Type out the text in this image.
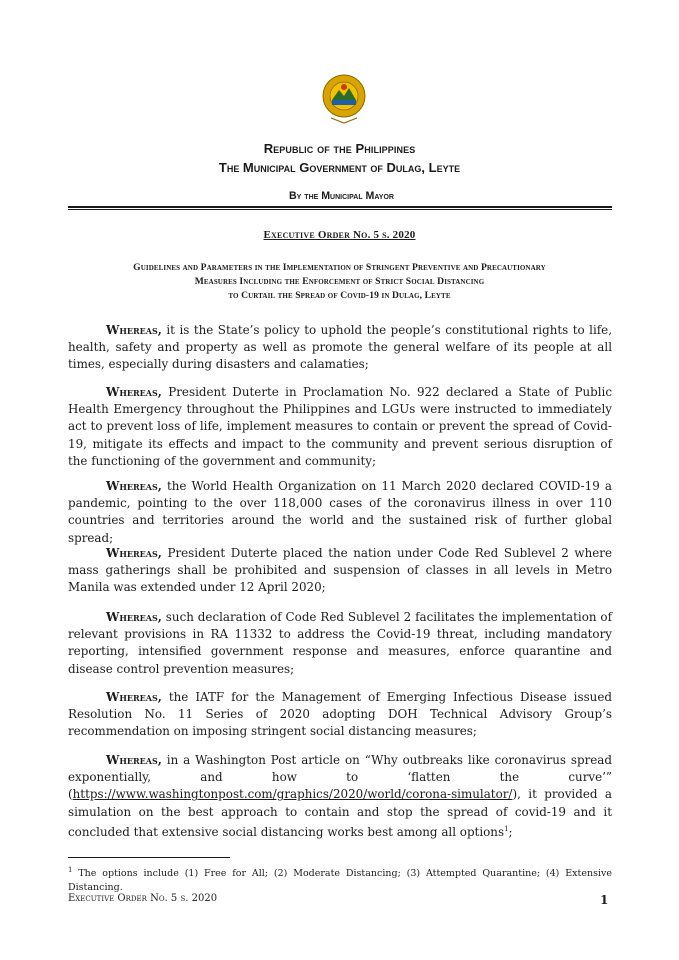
Republic of the Philippines
The Municipal Government of Dulag, Leyte
By the Municipal Mayor
Executive Order No. 5 s. 2020
Guidelines and Parameters in the Implementation of Stringent Preventive and Precautionary
Measures Including the Enforcement of Strict Social Distancing
to Curtail the Spread of Covid-19 in Dulag, Leyte
Whereas, it is the State’s policy to uphold the people’s constitutional rights to life, health, safety and property as well as promote the general welfare of its people at all times, especially during disasters and calamaties;
Whereas, President Duterte in Proclamation No. 922 declared a State of Public Health Emergency throughout the Philippines and LGUs were instructed to immediately act to prevent loss of life, implement measures to contain or prevent the spread of Covid-19, mitigate its effects and impact to the community and prevent serious disruption of the functioning of the government and community;
Whereas, the World Health Organization on 11 March 2020 declared COVID-19 a pandemic, pointing to the over 118,000 cases of the coronavirus illness in over 110 countries and territories around the world and the sustained risk of further global spread;
Whereas, President Duterte placed the nation under Code Red Sublevel 2 where mass gatherings shall be prohibited and suspension of classes in all levels in Metro Manila was extended under 12 April 2020;
Whereas, such declaration of Code Red Sublevel 2 facilitates the implementation of relevant provisions in RA 11332 to address the Covid-19 threat, including mandatory reporting, intensified government response and measures, enforce quarantine and disease control prevention measures;
Whereas, the IATF for the Management of Emerging Infectious Disease issued Resolution No. 11 Series of 2020 adopting DOH Technical Advisory Group’s recommendation on imposing stringent social distancing measures;
Whereas, in a Washington Post article on “Why outbreaks like coronavirus spread exponentially, and how to ‘flatten the curve’” (https://www.washingtonpost.com/graphics/2020/world/corona-simulator/), it provided a simulation on the best approach to contain and stop the spread of covid-19 and it concluded that extensive social distancing works best among all options$^1$;
$^1$ The options include (1) Free for All; (2) Moderate Distancing; (3) Attempted Quarantine; (4) Extensive Distancing.
Executive Order No. 5 s. 2020	1
